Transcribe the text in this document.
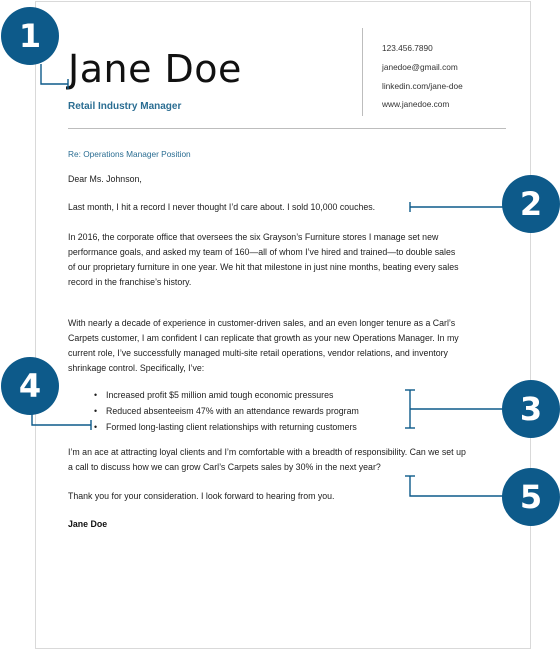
Jane Doe
Retail Industry Manager
123.456.7890
janedoe@gmail.com
linkedin.com/jane-doe
www.janedoe.com
Re: Operations Manager Position

Dear Ms. Johnson,

Last month, I hit a record I never thought I’d care about. I sold 10,000 couches.

In 2016, the corporate office that oversees the six Grayson’s Furniture stores I manage set new performance goals, and asked my team of 160—all of whom I’ve hired and trained—to double sales of our proprietary furniture in one year. We hit that milestone in just nine months, beating every sales record in the franchise’s history.

With nearly a decade of experience in customer-driven sales, and an even longer tenure as a Carl’s Carpets customer, I am confident I can replicate that growth as your new Operations Manager. In my current role, I’ve successfully managed multi-site retail operations, vendor relations, and inventory shrinkage control. Specifically, I’ve:

• Increased profit $5 million amid tough economic pressures
• Reduced absenteeism 47% with an attendance rewards program
• Formed long-lasting client relationships with returning customers

I’m an ace at attracting loyal clients and I’m comfortable with a breadth of responsibility. Can we set up a call to discuss how we can grow Carl’s Carpets sales by 30% in the next year?

Thank you for your consideration. I look forward to hearing from you.

Jane Doe
1
2
3
4
5
